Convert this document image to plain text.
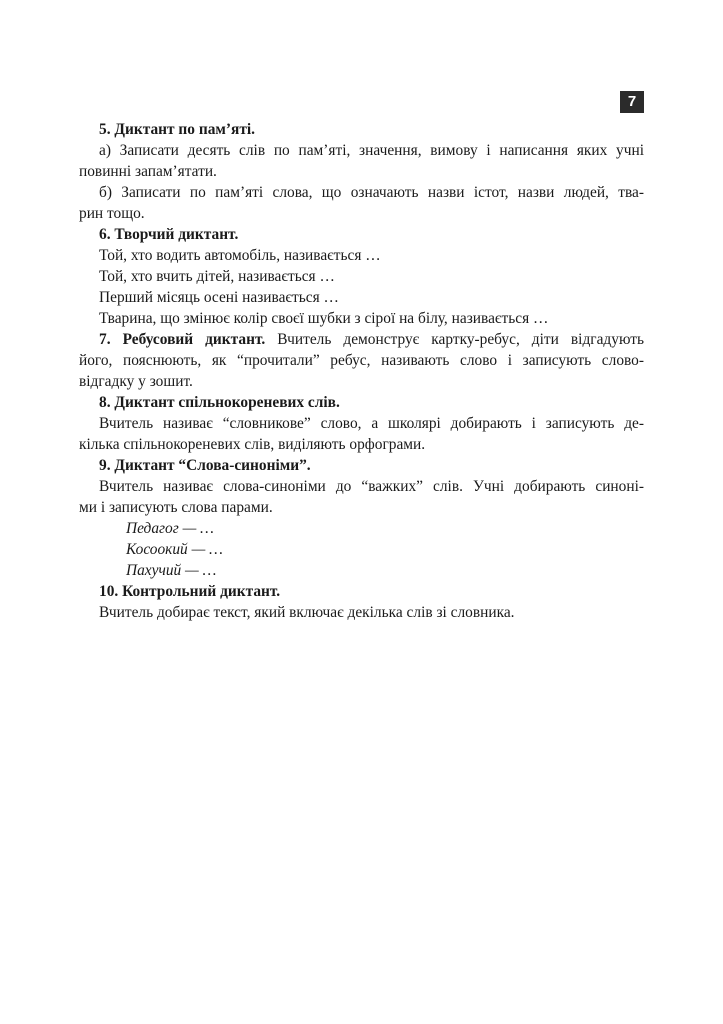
7

5. Диктант по пам’яті.

а) Записати десять слів по пам’яті, значення, вимову і написання яких учні

повинні запам’ятати.

б) Записати по пам’яті слова, що означають назви істот, назви людей, тва-

рин тощо.

6. Творчий диктант.

Той, хто водить автомобіль, називається …

Той, хто вчить дітей, називається …

Перший місяць осені називається …

Тварина, що змінює колір своєї шубки з сірої на білу, називається …

7. Ребусовий диктант. Вчитель демонструє картку-ребус, діти відгадують

його, пояснюють, як “прочитали” ребус, називають слово і записують слово-

відгадку у зошит.

8. Диктант спільнокореневих слів.

Вчитель називає “словникове” слово, а школярі добирають і записують де-

кілька спільнокореневих слів, виділяють орфограми.

9. Диктант “Слова-синоніми”.

Вчитель називає слова-синоніми до “важких” слів. Учні добирають синоні-

ми і записують слова парами.

Педагог — …

Косоокий — …

Пахучий — …

10. Контрольний диктант.

Вчитель добирає текст, який включає декілька слів зі словника.
